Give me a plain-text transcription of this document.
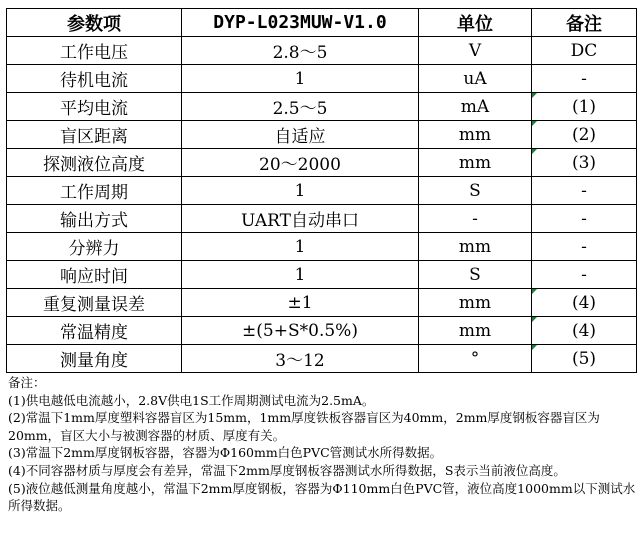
参数项	DYP-L023MUW-V1.0	单位	备注
工作电压	2.8～5	V	DC
待机电流	1	uA	-
平均电流	2.5～5	mA	(1)

盲区距离	自适应	mm	(2)

探测液位高度	20～2000	mm	(3)

工作周期	1	S	-
输出方式	UART自动串口	-	-
分辨力	1	mm	-
响应时间	1	S	-
重复测量误差	±1	mm	(4)

常温精度	±(5+S*0.5%)	mm	(4)

测量角度	3～12	°	(5)
备注：
(1)供电越低电流越小，2.8V供电1S工作周期测试电流为2.5mA。
(2)常温下1mm厚度塑料容器盲区为15mm，1mm厚度铁板容器盲区为40mm，2mm厚度钢板容器盲区为20mm，盲区大小与被测容器的材质、厚度有关。
(3)常温下2mm厚度钢板容器，容器为Φ160mm白色PVC管测试水所得数据。
(4)不同容器材质与厚度会有差异，常温下2mm厚度钢板容器测试水所得数据，S表示当前液位高度。
(5)液位越低测量角度越小，常温下2mm厚度钢板，容器为Φ110mm白色PVC管，液位高度1000mm以下测试水所得数据。
